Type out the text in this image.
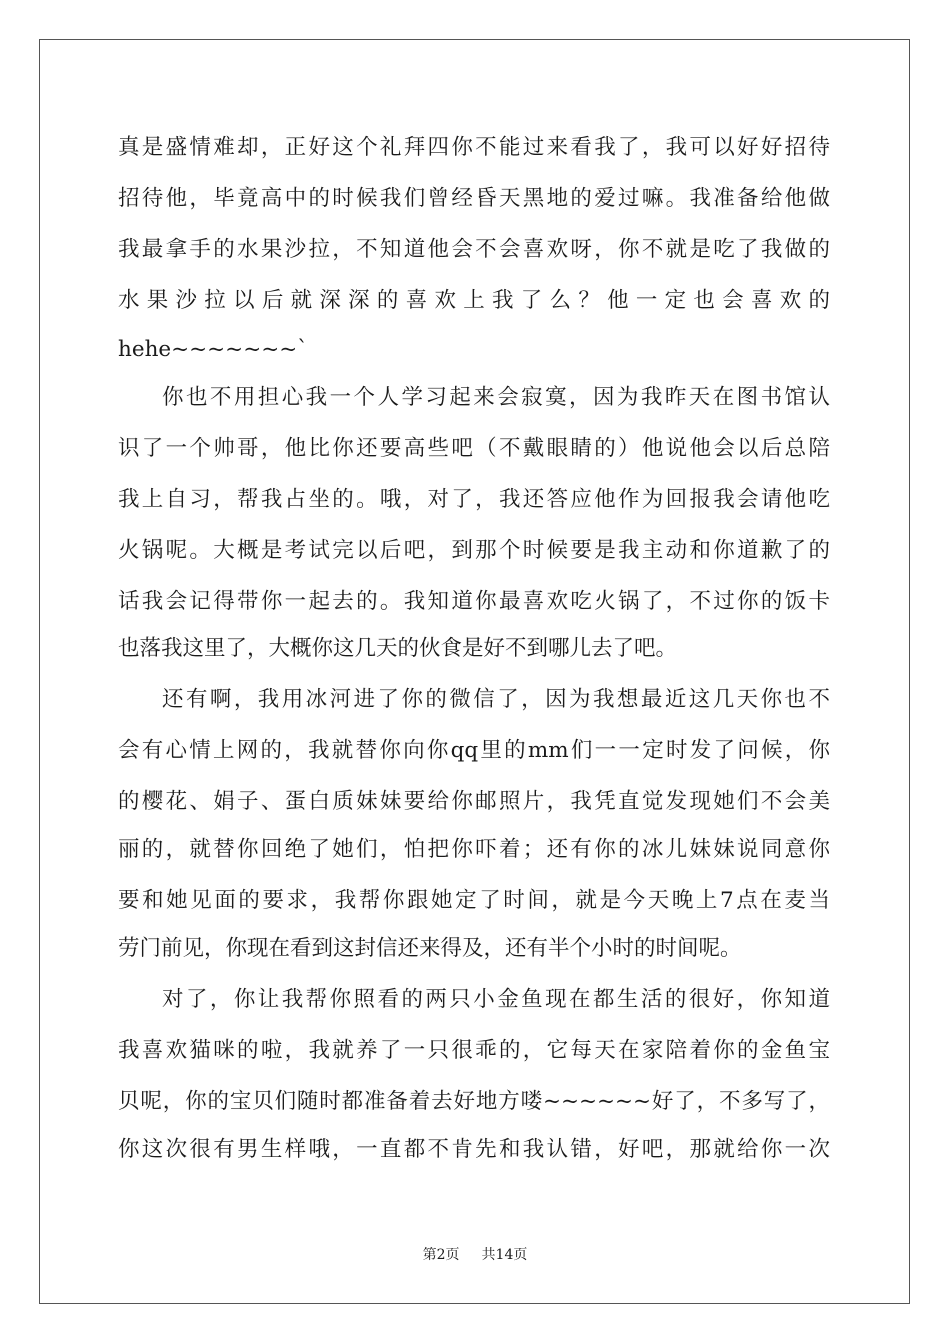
真是盛情难却，正好这个礼拜四你不能过来看我了，我可以好好招待

招待他，毕竟高中的时候我们曾经昏天黑地的爱过嘛。我准备给他做

我最拿手的水果沙拉，不知道他会不会喜欢呀，你不就是吃了我做的

水果沙拉以后就深深的喜欢上我了么？他一定也会喜欢的

hehe~~~~~~~`

你也不用担心我一个人学习起来会寂寞，因为我昨天在图书馆认

识了一个帅哥，他比你还要高些吧（不戴眼睛的）他说他会以后总陪

我上自习，帮我占坐的。哦，对了，我还答应他作为回报我会请他吃

火锅呢。大概是考试完以后吧，到那个时候要是我主动和你道歉了的

话我会记得带你一起去的。我知道你最喜欢吃火锅了，不过你的饭卡

也落我这里了，大概你这几天的伙食是好不到哪儿去了吧。

还有啊，我用冰河进了你的微信了，因为我想最近这几天你也不

会有心情上网的，我就替你向你qq里的mm们一一定时发了问候，你

的樱花、娟子、蛋白质妹妹要给你邮照片，我凭直觉发现她们不会美

丽的，就替你回绝了她们，怕把你吓着；还有你的冰儿妹妹说同意你

要和她见面的要求，我帮你跟她定了时间，就是今天晚上7点在麦当

劳门前见，你现在看到这封信还来得及，还有半个小时的时间呢。

对了，你让我帮你照看的两只小金鱼现在都生活的很好，你知道

我喜欢猫咪的啦，我就养了一只很乖的，它每天在家陪着你的金鱼宝

贝呢，你的宝贝们随时都准备着去好地方喽~~~~~~好了，不多写了，

你这次很有男生样哦，一直都不肯先和我认错，好吧，那就给你一次

第2页 共14页
